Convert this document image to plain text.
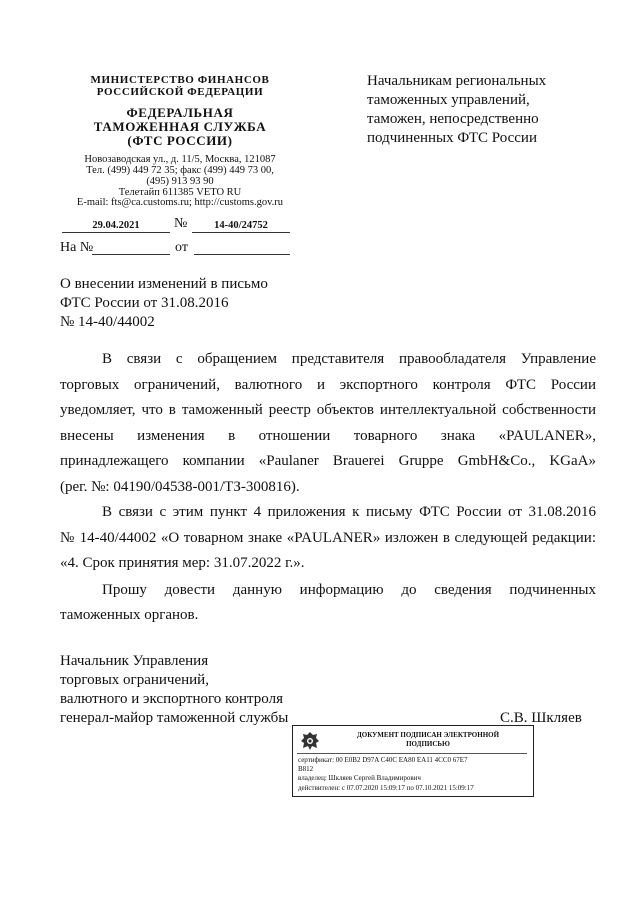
МИНИСТЕРСТВО ФИНАНСОВ
РОССИЙСКОЙ ФЕДЕРАЦИИ
ФЕДЕРАЛЬНАЯ
ТАМОЖЕННАЯ СЛУЖБА
(ФТС РОССИИ)
Новозаводская ул., д. 11/5, Москва, 121087
Тел. (499) 449 72 35; факс (499) 449 73 00,
(495) 913 93 90
Телетайп 611385 VETO RU
E-mail: fts@ca.customs.ru; http://customs.gov.ru
29.04.2021	№	14-40/24752
На №	от
Начальникам региональных
таможенных управлений,
таможен, непосредственно
подчиненных ФТС России
О внесении изменений в письмо
ФТС России от 31.08.2016
№ 14-40/44002
В связи с обращением представителя правообладателя Управление
торговых ограничений, валютного и экспортного контроля ФТС России
уведомляет, что в таможенный реестр объектов интеллектуальной собственности
внесены изменения в отношении товарного знака «PAULANER»,
принадлежащего компании «Paulaner Brauerei Gruppe GmbH&Co., KGaA»
(рег. №: 04190/04538-001/ТЗ-300816).
В связи с этим пункт 4 приложения к письму ФТС России от 31.08.2016
№ 14-40/44002 «О товарном знаке «PAULANER» изложен в следующей редакции:
«4. Срок принятия мер: 31.07.2022 г.».
Прошу довести данную информацию до сведения подчиненных
таможенных органов.
Начальник Управления
торговых ограничений,
валютного и экспортного контроля
генерал-майор таможенной службы	С.В. Шкляев
ДОКУМЕНТ ПОДПИСАН ЭЛЕКТРОННОЙ
ПОДПИСЬЮ
сертификат: 00 E0B2 D97A C40C EA80 EA11 4CC0 67E7
B812
владелец: Шкляев Сергей Владимирович
действителен: с 07.07.2020 15:09:17 по 07.10.2021 15:09:17
